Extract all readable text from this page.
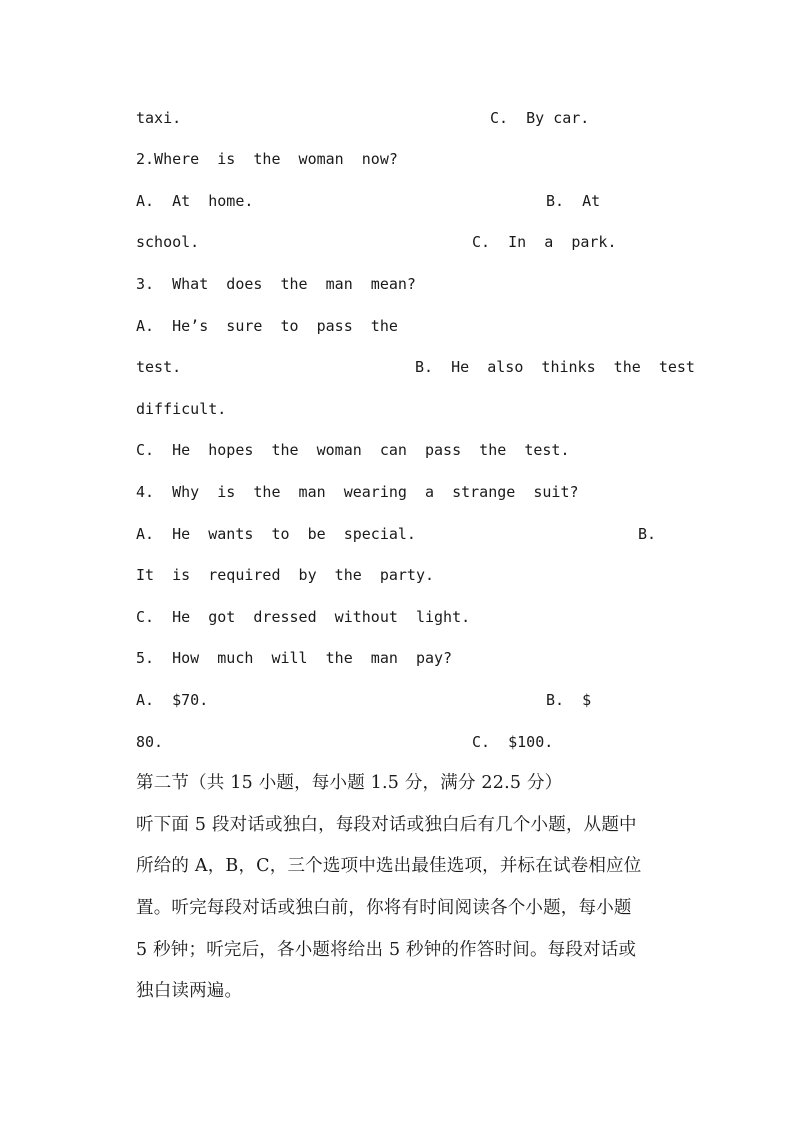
taxi.

	C.  By car.

2.Where  is  the  woman  now?

A.  At  home.

	B.  At

school.

	C.  In  a  park.

3.  What  does  the  man  mean?
A.  He’s  sure  to  pass  the

test.

	B.  He  also  thinks  the  test

difficult.
C.  He  hopes  the  woman  can  pass  the  test.
4.  Why  is  the  man  wearing  a  strange  suit?

A.  He  wants  to  be  special.

	B.

It  is  required  by  the  party.
C.  He  got  dressed  without  light.
5.  How  much  will  the  man  pay?

A.  $70.

	B.  $

80.

	C.  $100.

第二节（共 15 小题，每小题 1.5 分，满分 22.5 分）
听下面 5 段对话或独白，每段对话或独白后有几个小题，从题中
所给的 A，B，C，三个选项中选出最佳选项，并标在试卷相应位
置。听完每段对话或独白前，你将有时间阅读各个小题，每小题
5 秒钟；听完后，各小题将给出 5 秒钟的作答时间。每段对话或
独白读两遍。
